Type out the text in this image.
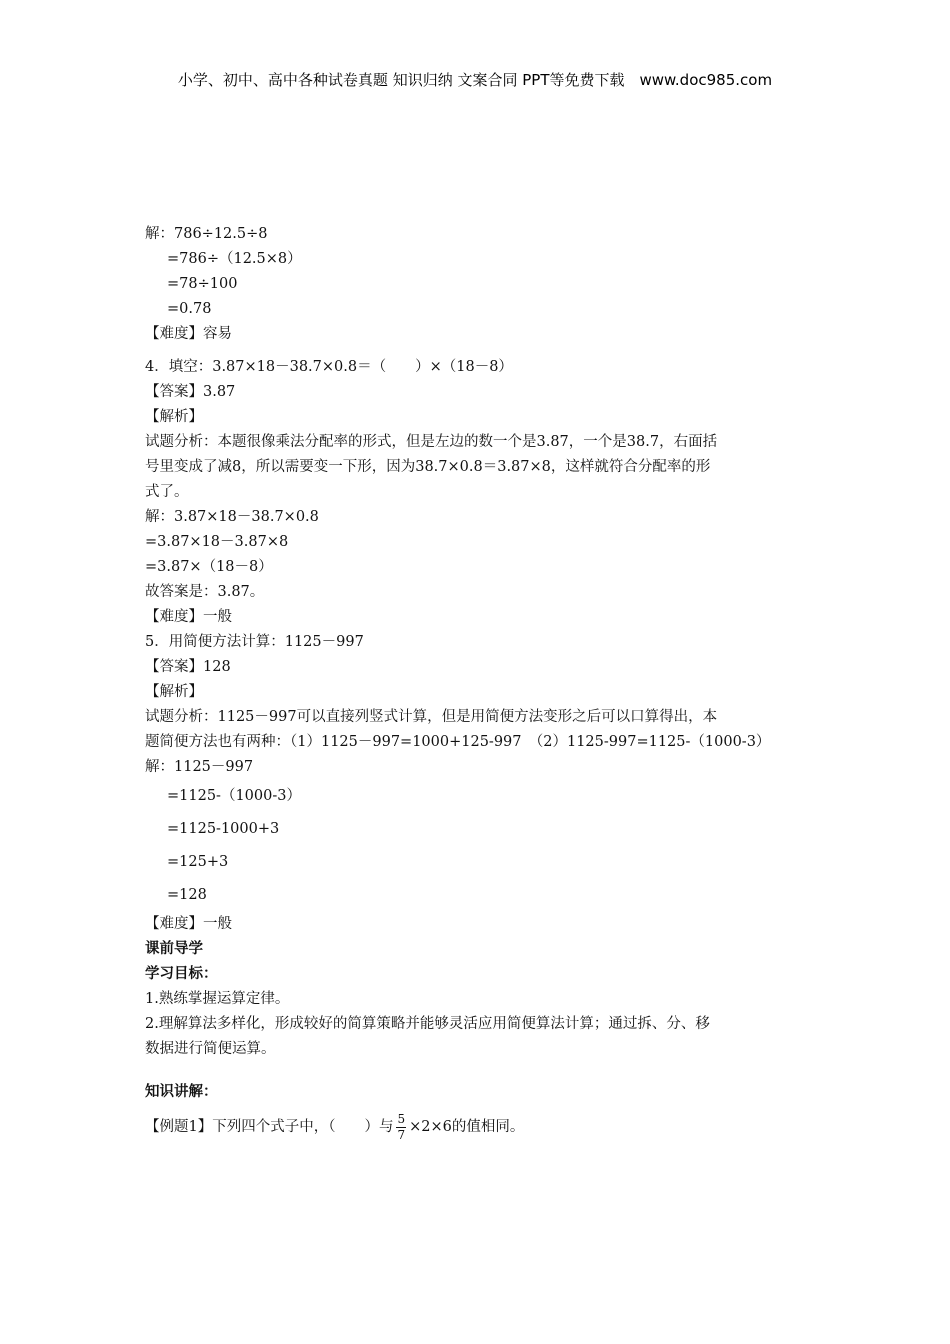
小学、初中、高中各种试卷真题 知识归纳 文案合同 PPT等免费下载　www.doc985.com
解：786÷12.5÷8
=786÷（12.5×8）
=78÷100
=0.78
【难度】容易
4．填空：3.87×18－38.7×0.8＝（　　）×（18－8）
【答案】3.87
【解析】
试题分析：本题很像乘法分配率的形式，但是左边的数一个是3.87，一个是38.7，右面括
号里变成了减8，所以需要变一下形，因为38.7×0.8＝3.87×8，这样就符合分配率的形
式了。
解：3.87×18－38.7×0.8
=3.87×18－3.87×8
=3.87×（18－8）
故答案是：3.87。
【难度】一般
5．用简便方法计算：1125－997
【答案】128
【解析】
试题分析：1125－997可以直接列竖式计算，但是用简便方法变形之后可以口算得出，本
题简便方法也有两种：（1）1125－997=1000+125-997　（2）1125-997=1125-（1000-3）
解：1125－997
=1125-（1000-3）
=1125-1000+3
=125+3
=128
【难度】一般
课前导学
学习目标：
1.熟练掌握运算定律。
2.理解算法多样化，形成较好的简算策略并能够灵活应用简便算法计算；通过拆、分、移
数据进行简便运算。
知识讲解：
【例题1】下列四个式子中，（　　）与 $\frac{5}{7} \times 2\times 6$的值相同。
